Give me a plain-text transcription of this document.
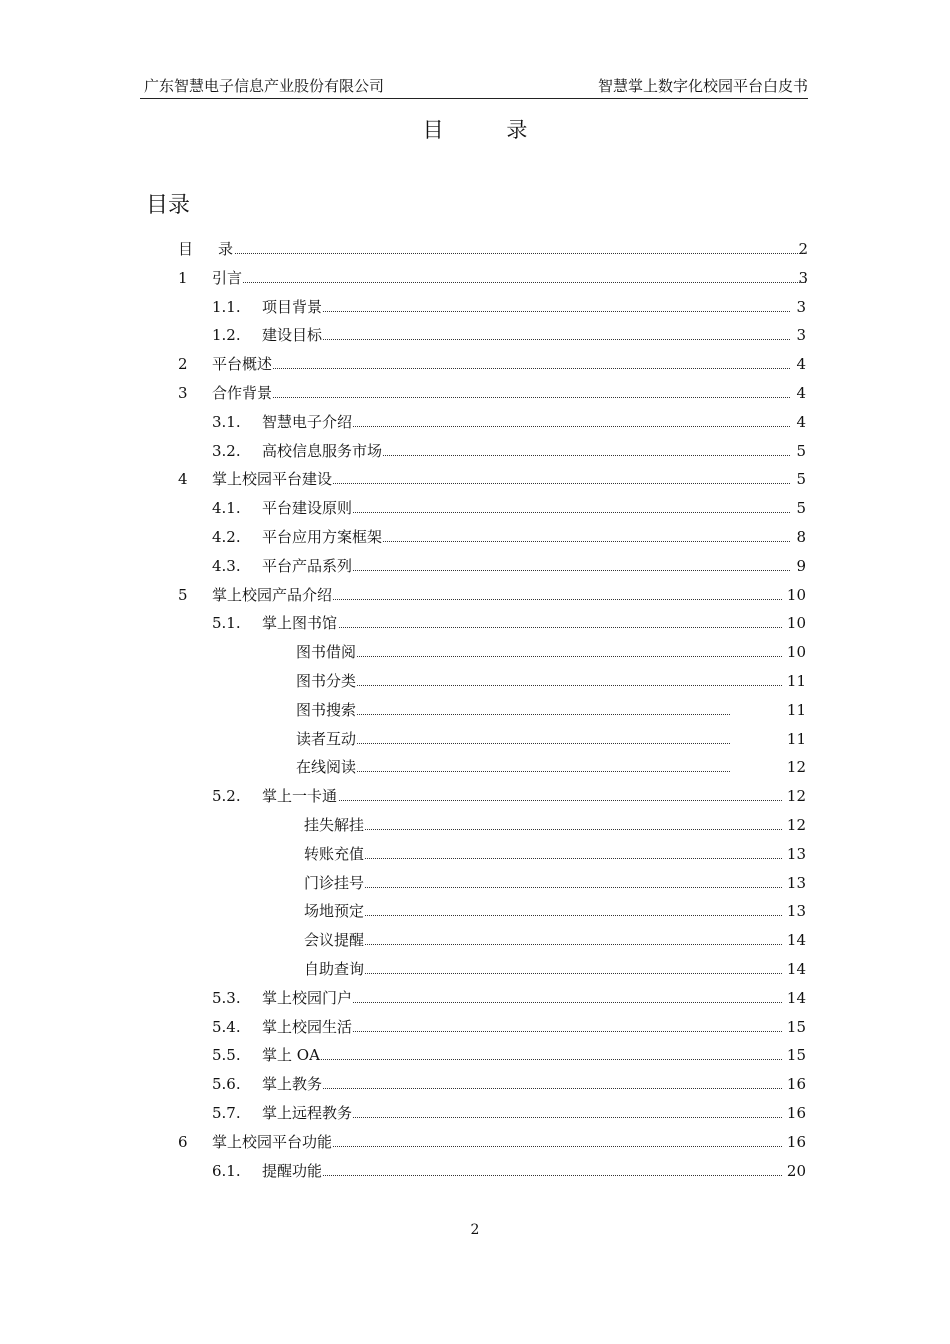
广东智慧电子信息产业股份有限公司	智慧掌上数字化校园平台白皮书
目 录
目录
目 录	2
1 引言	3
1.1. 项目背景	3
1.2. 建设目标	3
2 平台概述	4
3 合作背景	4
3.1. 智慧电子介绍	4
3.2. 高校信息服务市场	5
4 掌上校园平台建设	5
4.1. 平台建设原则	5
4.2. 平台应用方案框架	8
4.3. 平台产品系列	9
5 掌上校园产品介绍	10
5.1. 掌上图书馆	10
图书借阅	10
图书分类	11
图书搜索	11
读者互动	11
在线阅读	12
5.2. 掌上一卡通	12
挂失解挂	12
转账充值	13
门诊挂号	13
场地预定	13
会议提醒	14
自助查询	14
5.3. 掌上校园门户	14
5.4. 掌上校园生活	15
5.5. 掌上 OA	15
5.6. 掌上教务	16
5.7. 掌上远程教务	16
6 掌上校园平台功能	16
6.1. 提醒功能	20
2
